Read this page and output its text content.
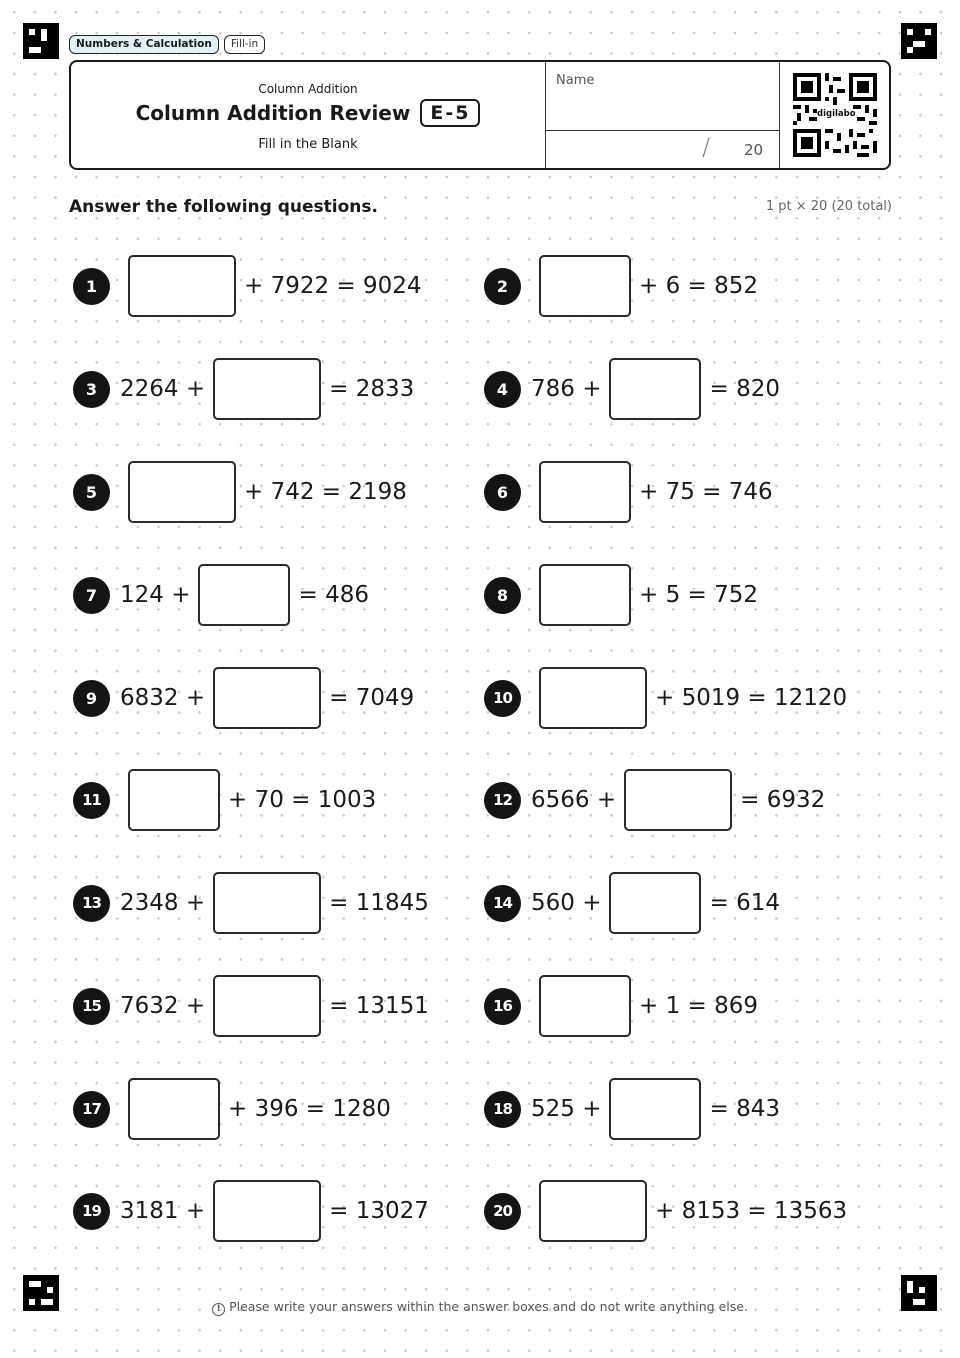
Numbers & Calculation	Fill-in
Column Addition
Column Addition Review	E-5
Fill in the Blank
Name
/ 20
digilabo
Answer the following questions.	1 pt × 20 (20 total)
1	+ 7922 = 9024	2	+ 6 = 852
3 2264 +	= 2833	4 786 +	= 820
5	+ 742 = 2198	6	+ 75 = 746
7 124 +	= 486	8	+ 5 = 752
9 6832 +	= 7049	10	+ 5019 = 12120
11	+ 70 = 1003	12 6566 +	= 6932
13 2348 +	= 11845	14 560 +	= 614
15 7632 +	= 13151	16	+ 1 = 869
17	+ 396 = 1280	18 525 +	= 843
19 3181 +	= 13027	20	+ 8153 = 13563
! Please write your answers within the answer boxes and do not write anything else.
